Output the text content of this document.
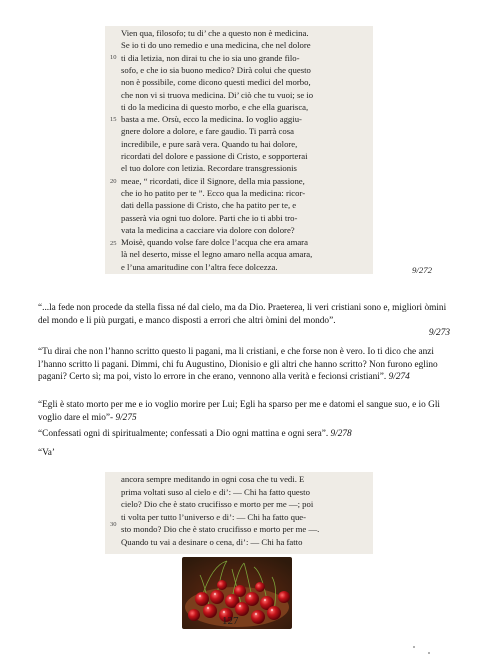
10
15
20
25
Vien qua, filosofo; tu di’ che a questo non è medicina.
Se io ti do uno remedio e una medicina, che nel dolore
ti dia letizia, non dirai tu che io sia uno grande filo-
sofo, e che io sia buono medico? Dirà colui che questo
non è possibile, come dicono questi medici del morbo,
che non vi si truova medicina. Di’ ciò che tu vuoi; se io
ti do la medicina di questo morbo, e che ella guarisca,
basta a me. Orsù, ecco la medicina. Io voglio aggiu-
gnere dolore a dolore, e fare gaudio. Ti parrà cosa
incredibile, e pure sarà vera. Quando tu hai dolore,
ricordati del dolore e passione di Cristo, e sopporterai
el tuo dolore con letizia. Recordare transgressionis
meae, “ ricordati, dice il Signore, della mia passione,
che io ho patito per te ”. Ecco qua la medicina: ricor-
dati della passione di Cristo, che ha patito per te, e
passerà via ogni tuo dolore. Parti che io ti abbi tro-
vata la medicina a cacciare via dolore con dolore?
Moisè, quando volse fare dolce l’acqua che era amara
là nel deserto, misse el legno amaro nella acqua amara,
e l’una amaritudine con l’altra fece dolcezza.	9/272
“...la fede non procede da stella fissa né dal cielo, ma da Dio. Praeterea, li veri cristiani sono e, migliori òmini del mondo e li più purgati, e manco disposti a errori che altri òmini del mondo”.
9/273
“Tu dirai che non l’hanno scritto questo li pagani, ma li cristiani, e che forse non è vero. Io ti dico che anzi l’hanno scritto li pagani. Dimmi, chi fu Augustino, Dionisio e gli altri che hanno scritto? Non furono eglino pagani? Certo sì; ma poi, visto lo errore in che erano, vennono alla verità e fecionsi cristiani”. 9/274
“Egli è stato morto per me e io voglio morire per Lui; Egli ha sparso per me e datomi el sangue suo, e io Gli voglio dare el mio”- 9/275
“Confessati ogni di spiritualmente; confessati a Dio ogni mattina e ogni sera”. 9/278
“Va’
30
ancora sempre meditando in ogni cosa che tu vedi. E
prima voltati suso al cielo e di’: — Chi ha fatto questo
cielo? Dio che è stato crucifisso e morto per me —; poi
ti volta per tutto l’universo e di’: — Chi ha fatto que-
sto mondo? Dio che è stato crucifisso e morto per me —.
Quando tu vai a desinare o cena, di’: — Chi ha fatto
127
